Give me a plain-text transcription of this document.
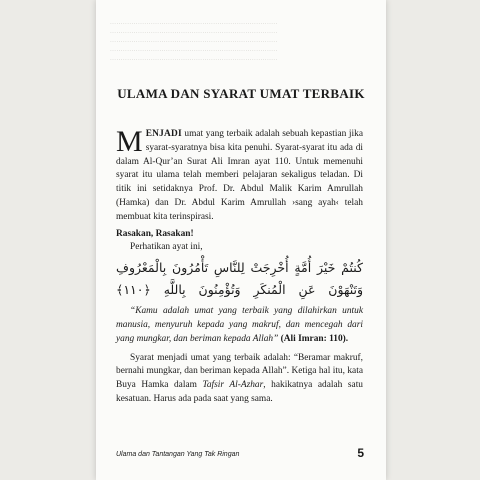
..............................................................................
..............................................................................
..............................................................................
..............................................................................
..............................................................................
ULAMA DAN SYARAT UMAT TERBAIK

MENJADI umat yang terbaik adalah sebuah kepastian jika syarat-syaratnya bisa kita penuhi. Syarat-syarat itu ada di dalam Al-Qur’an Surat Ali Imran ayat 110. Untuk memenuhi syarat itu ulama telah memberi pelajaran sekaligus teladan. Di titik ini setidaknya Prof. Dr. Abdul Malik Karim Amrullah (Hamka) dan Dr. Abdul Karim Amrullah ›sang ayah‹ telah membuat kita terinspirasi.

Rasakan, Rasakan!

Perhatikan ayat ini,

كُنتُمْ خَيْرَ أُمَّةٍ أُخْرِجَتْ لِلنَّاسِ تَأْمُرُونَ بِالْمَعْرُوفِ
وَتَنْهَوْنَ عَنِ الْمُنكَرِ وَتُؤْمِنُونَ بِاللَّهِ ﴿١١٠﴾

“Kamu adalah umat yang terbaik yang dilahirkan untuk manusia, menyuruh kepada yang makruf, dan mencegah dari yang mungkar, dan beriman kepada Allah” (Ali Imran: 110).

Syarat menjadi umat yang terbaik adalah: “Beramar makruf, bernahi mungkar, dan beriman kepada Allah”. Ketiga hal itu, kata Buya Hamka dalam Tafsir Al-Azhar, hakikatnya adalah satu kesatuan. Harus ada pada saat yang sama.

Ulama dan Tantangan Yang Tak Ringan	5
